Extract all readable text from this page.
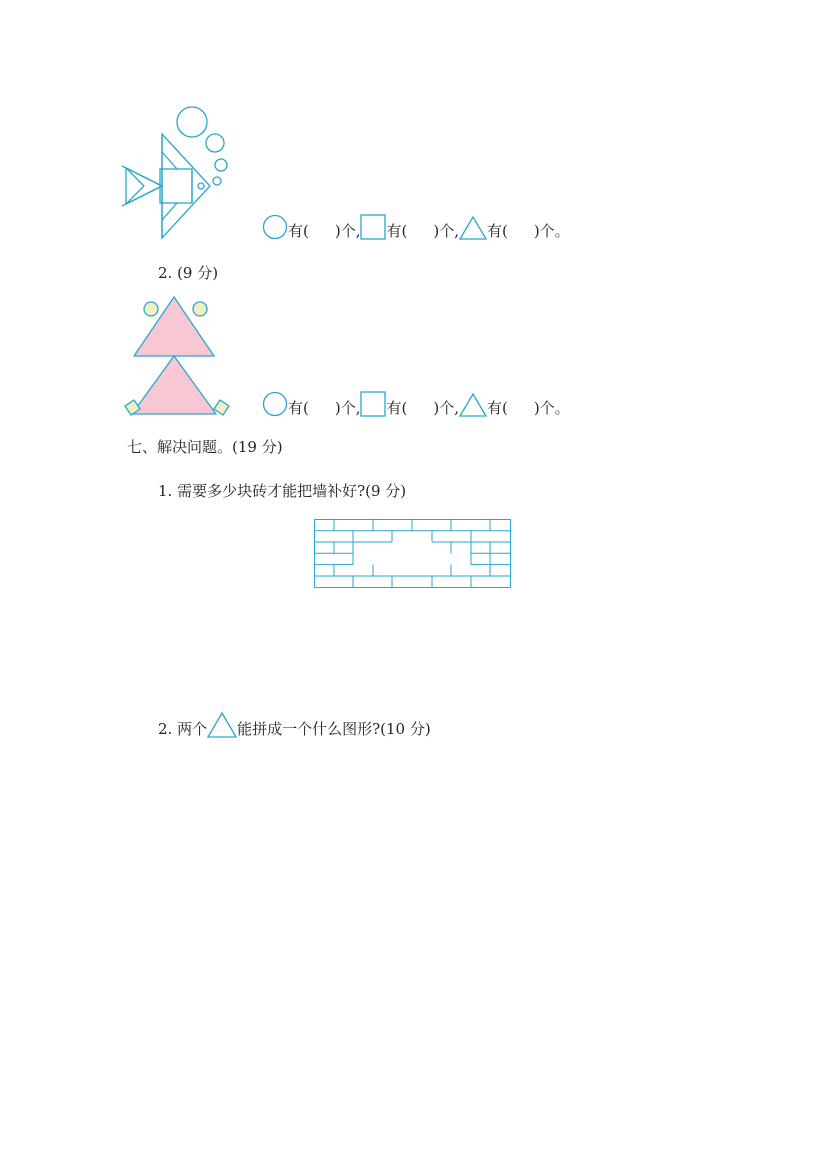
有( )个, 有( )个, 有( )个。
2. (9 分)
有( )个, 有( )个, 有( )个。
七、解决问题。(19 分)
1. 需要多少块砖才能把墙补好?(9 分)
2. 两个 能拼成一个什么图形?(10 分)
